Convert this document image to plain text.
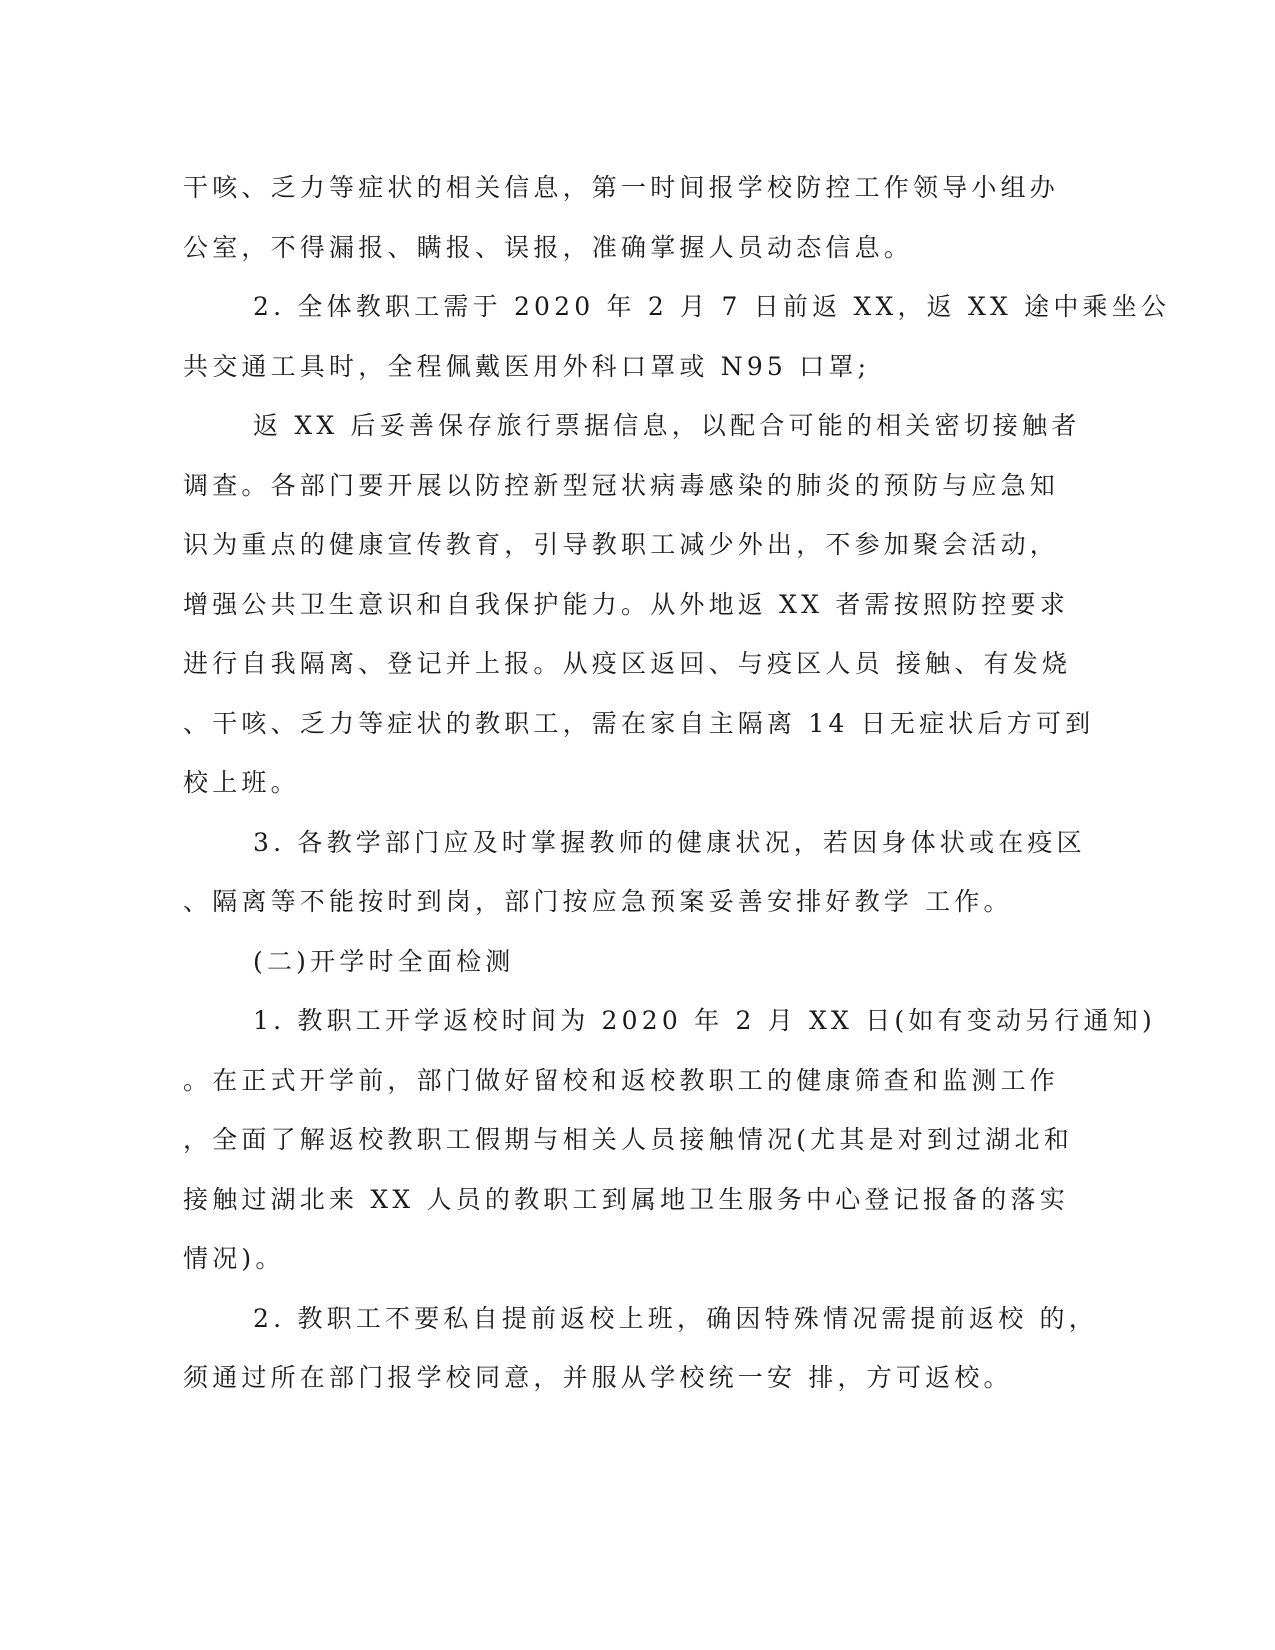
干咳、乏力等症状的相关信息，第一时间报学校防控工作领导小组办
公室，不得漏报、瞒报、误报，准确掌握人员动态信息。
2. 全体教职工需于 2020 年 2 月 7 日前返 XX，返 XX 途中乘坐公
共交通工具时，全程佩戴医用外科口罩或 N95 口罩;
返 XX 后妥善保存旅行票据信息，以配合可能的相关密切接触者
调查。各部门要开展以防控新型冠状病毒感染的肺炎的预防与应急知
识为重点的健康宣传教育，引导教职工减少外出，不参加聚会活动，
增强公共卫生意识和自我保护能力。从外地返 XX 者需按照防控要求
进行自我隔离、登记并上报。从疫区返回、与疫区人员 接触、有发烧
、干咳、乏力等症状的教职工，需在家自主隔离 14 日无症状后方可到
校上班。
3. 各教学部门应及时掌握教师的健康状况，若因身体状或在疫区
、隔离等不能按时到岗，部门按应急预案妥善安排好教学 工作。
(二)开学时全面检测
1. 教职工开学返校时间为 2020 年 2 月 XX 日(如有变动另行通知)
。在正式开学前，部门做好留校和返校教职工的健康筛查和监测工作
，全面了解返校教职工假期与相关人员接触情况(尤其是对到过湖北和
接触过湖北来 XX 人员的教职工到属地卫生服务中心登记报备的落实
情况)。
2. 教职工不要私自提前返校上班，确因特殊情况需提前返校 的，
须通过所在部门报学校同意，并服从学校统一安 排，方可返校。
